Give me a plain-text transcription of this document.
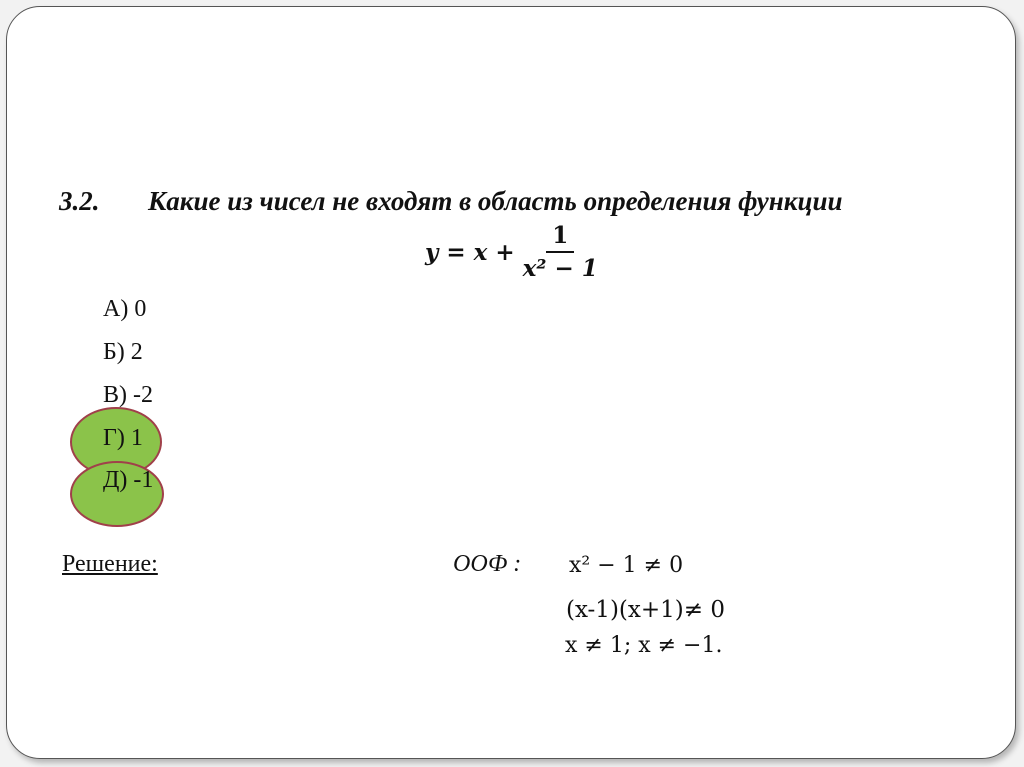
3.2. Какие из чисел не входят в область определения функции
$y = x + \frac{1}{\text{x² − 1}}$
А) 0
Б) 2
В) -2
Г) 1
Д) -1
Решение:	ООФ : x² − 1 ≠ 0
(x-1)(x+1)≠ 0
x ≠ 1; x ≠ −1.
